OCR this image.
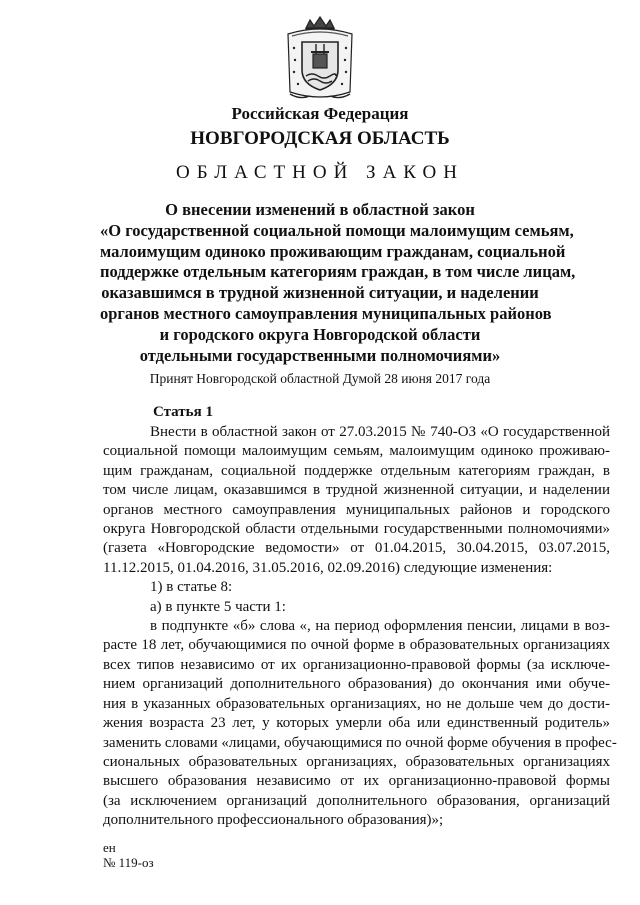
Российская Федерация
НОВГОРОДСКАЯ ОБЛАСТЬ
ОБЛАСТНОЙ ЗАКОН

О внесении изменений в областной закон
«О государственной социальной помощи малоимущим семьям,
малоимущим одиноко проживающим гражданам, социальной
поддержке отдельным категориям граждан, в том числе лицам,
оказавшимся в трудной жизненной ситуации, и наделении
органов местного самоуправления муниципальных районов
и городского округа Новгородской области
отдельными государственными полномочиями»

Принят Новгородской областной Думой 28 июня 2017 года
Статья 1
Внести в областной закон от 27.03.2015 № 740-ОЗ «О государственной
социальной помощи малоимущим семьям, малоимущим одиноко проживаю-
щим гражданам, социальной поддержке отдельным категориям граждан, в
том числе лицам, оказавшимся в трудной жизненной ситуации, и наделении
органов местного самоуправления муниципальных районов и городского
округа Новгородской области отдельными государственными полномочиями»
(газета «Новгородские ведомости» от 01.04.2015, 30.04.2015, 03.07.2015,
11.12.2015, 01.04.2016, 31.05.2016, 02.09.2016) следующие изменения:
1) в статье 8:
а) в пункте 5 части 1:
в подпункте «б» слова «, на период оформления пенсии, лицами в воз-
расте 18 лет, обучающимися по очной форме в образовательных организациях
всех типов независимо от их организационно-правовой формы (за исключе-
нием организаций дополнительного образования) до окончания ими обуче-
ния в указанных образовательных организациях, но не дольше чем до дости-
жения возраста 23 лет, у которых умерли оба или единственный родитель»
заменить словами «лицами, обучающимися по очной форме обучения в профес-
сиональных образовательных организациях, образовательных организациях
высшего образования независимо от их организационно-правовой формы
(за исключением организаций дополнительного образования, организаций
дополнительного профессионального образования)»;
ен
№ 119-оз
